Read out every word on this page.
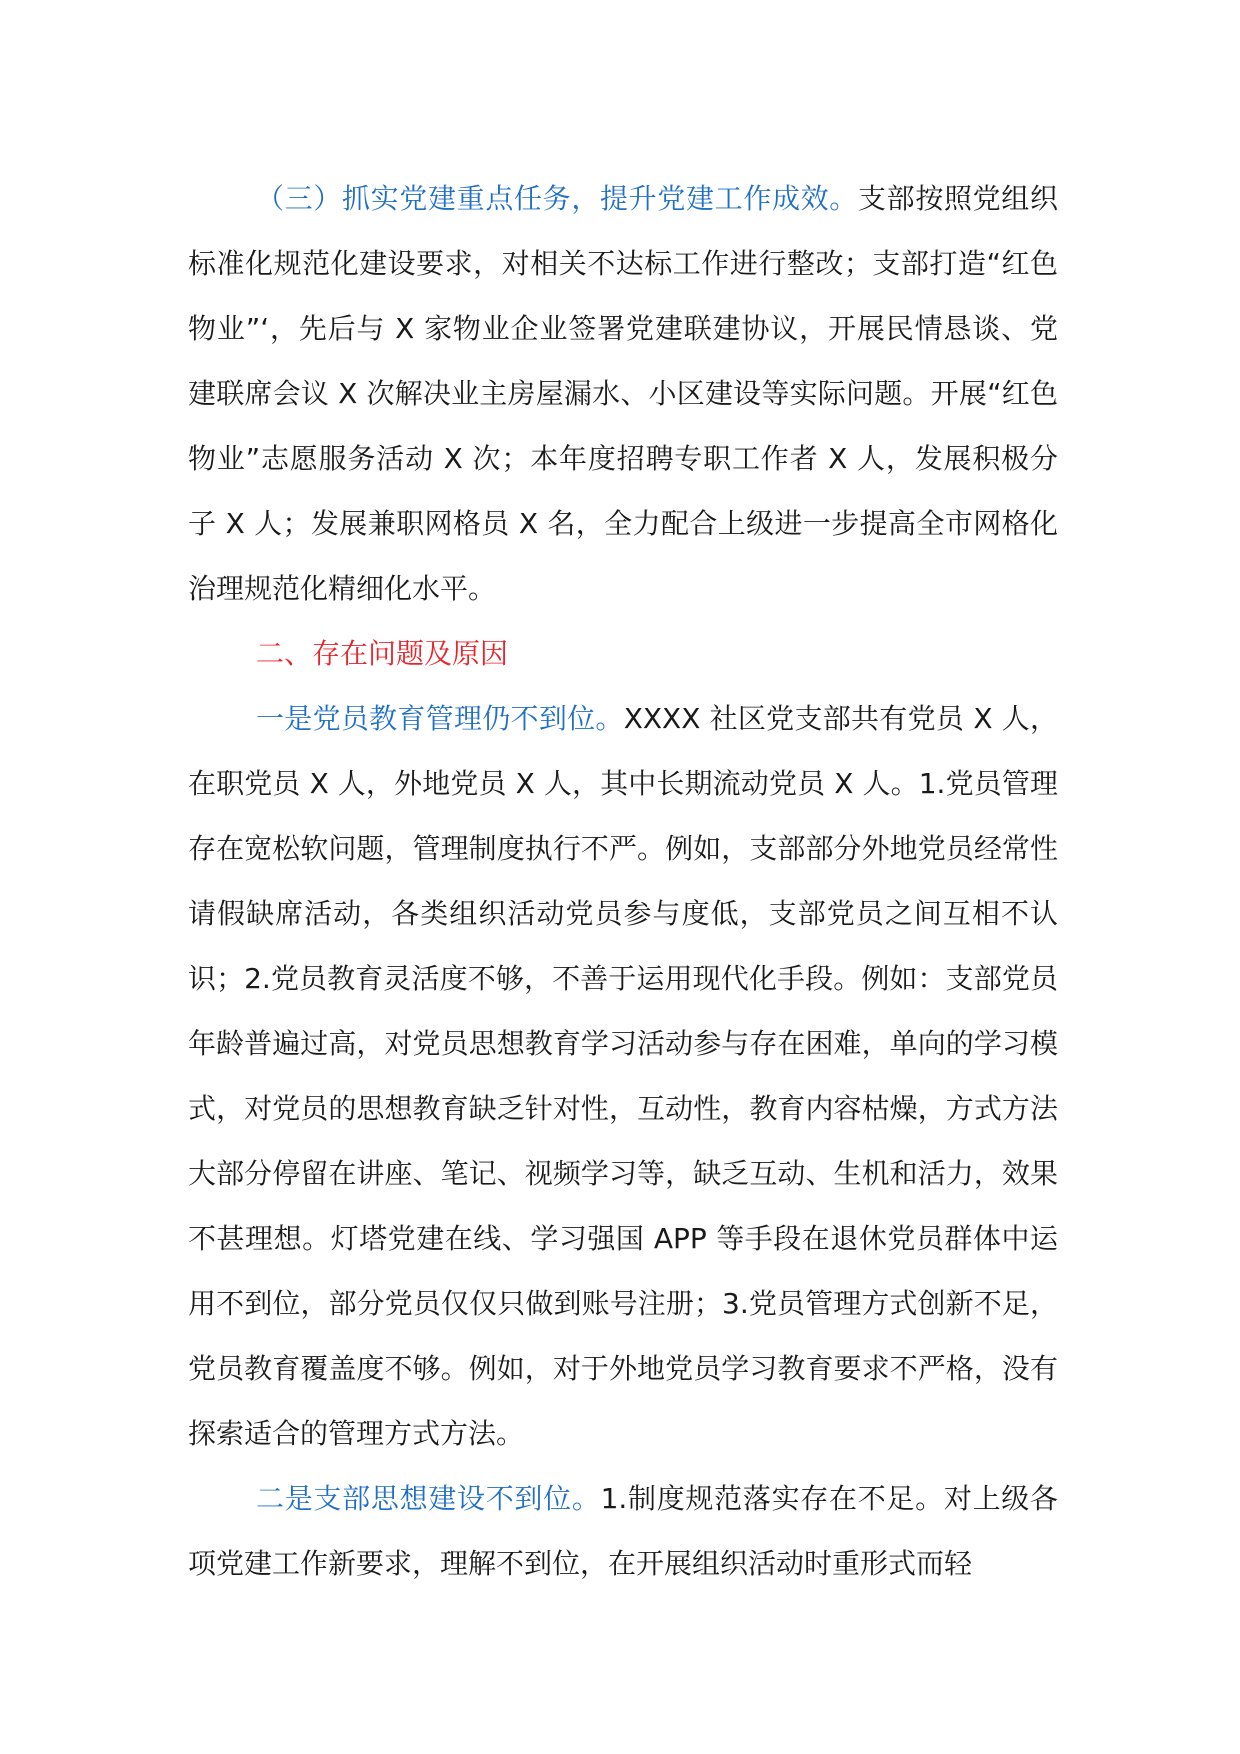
（三）抓实党建重点任务，提升党建工作成效。支部按照党组织标准化规范化建设要求，对相关不达标工作进行整改；支部打造“红色物业”‘，先后与 X 家物业企业签署党建联建协议，开展民情恳谈、党建联席会议 X 次解决业主房屋漏水、小区建设等实际问题。开展“红色物业”志愿服务活动 X 次；本年度招聘专职工作者 X 人，发展积极分子 X 人；发展兼职网格员 X 名，全力配合上级进一步提高全市网格化治理规范化精细化水平。

二、存在问题及原因

一是党员教育管理仍不到位。XXXX 社区党支部共有党员 X 人，在职党员 X 人，外地党员 X 人，其中长期流动党员 X 人。1.党员管理存在宽松软问题，管理制度执行不严。例如，支部部分外地党员经常性请假缺席活动，各类组织活动党员参与度低，支部党员之间互相不认识；2.党员教育灵活度不够，不善于运用现代化手段。例如：支部党员年龄普遍过高，对党员思想教育学习活动参与存在困难，单向的学习模式，对党员的思想教育缺乏针对性，互动性，教育内容枯燥，方式方法大部分停留在讲座、笔记、视频学习等，缺乏互动、生机和活力，效果不甚理想。灯塔党建在线、学习强国 APP 等手段在退休党员群体中运用不到位，部分党员仅仅只做到账号注册；3.党员管理方式创新不足，党员教育覆盖度不够。例如，对于外地党员学习教育要求不严格，没有探索适合的管理方式方法。

二是支部思想建设不到位。1.制度规范落实存在不足。对上级各项党建工作新要求，理解不到位，在开展组织活动时重形式而轻
